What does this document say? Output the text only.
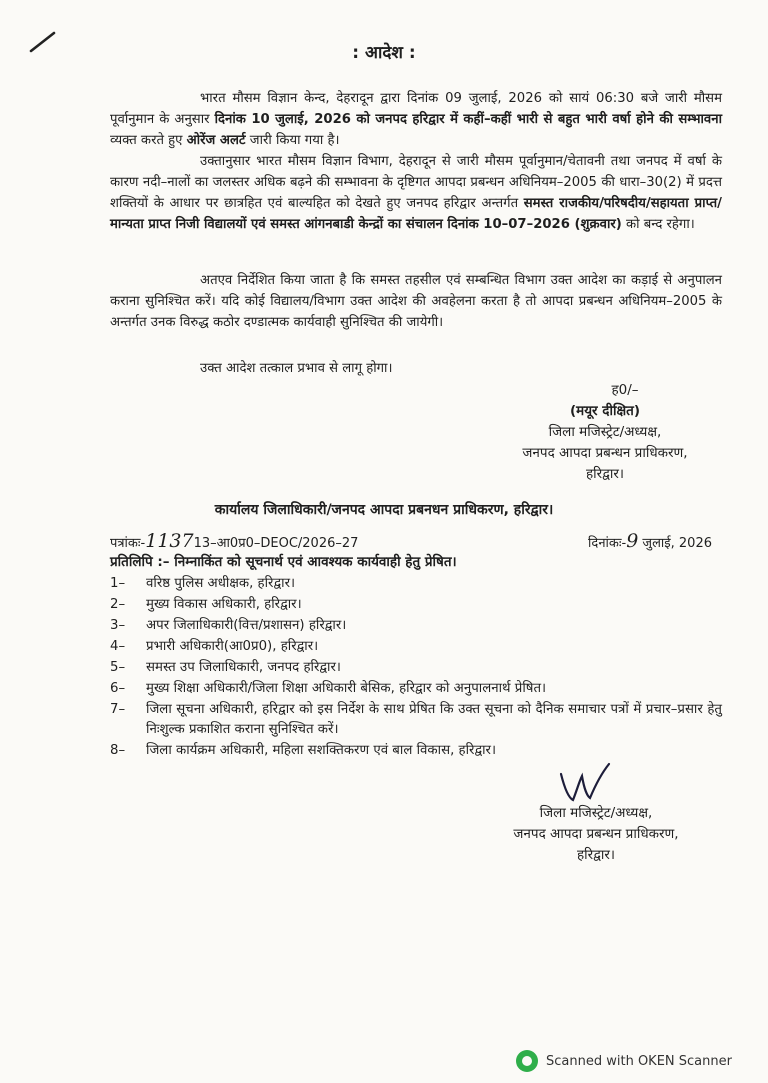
: आदेश :

भारत मौसम विज्ञान केन्द, देहरादून द्वारा दिनांक 09 जुलाई, 2026 को सायं 06:30 बजे जारी मौसम पूर्वानुमान के अनुसार दिनांक 10 जुलाई, 2026 को जनपद हरिद्वार में कहीं–कहीं भारी से बहुत भारी वर्षा होने की सम्भावना व्यक्त करते हुए ओरेंज अलर्ट जारी किया गया है।

उक्तानुसार भारत मौसम विज्ञान विभाग, देहरादून से जारी मौसम पूर्वानुमान/चेतावनी तथा जनपद में वर्षा के कारण नदी–नालों का जलस्तर अधिक बढ़ने की सम्भावना के दृष्टिगत आपदा प्रबन्धन अधिनियम–2005 की धारा–30(2) में प्रदत्त शक्तियों के आधार पर छात्रहित एवं बाल्यहित को देखते हुए जनपद हरिद्वार अन्तर्गत समस्त राजकीय/परिषदीय/सहायता प्राप्त/मान्यता प्राप्त निजी विद्यालयों एवं समस्त आंगनबाडी केन्द्रों का संचालन दिनांक 10–07–2026 (शुक्रवार) को बन्द रहेगा।

अतएव निर्देशित किया जाता है कि समस्त तहसील एवं सम्बन्धित विभाग उक्त आदेश का कड़ाई से अनुपालन कराना सुनिश्चित करें। यदि कोई विद्यालय/विभाग उक्त आदेश की अवहेलना करता है तो आपदा प्रबन्धन अधिनियम–2005 के अन्तर्गत उनक विरुद्ध कठोर दण्डात्मक कार्यवाही सुनिश्चित की जायेगी।

उक्त आदेश तत्काल प्रभाव से लागू होगा।

ह0/–
(मयूर दीक्षित)
जिला मजिस्ट्रेट/अध्यक्ष,
जनपद आपदा प्रबन्धन प्राधिकरण,
हरिद्वार।
कार्यालय जिलाधिकारी/जनपद आपदा प्रबनधन प्राधिकरण, हरिद्वार।
पत्रांकः-113713–आ0प्र0–DEOC/2026–27	दिनांकः-9 जुलाई, 2026
प्रतिलिपि :– निम्नाकिंत को सूचनार्थ एवं आवश्यक कार्यवाही हेतु प्रेषित।
1–	वरिष्ठ पुलिस अधीक्षक, हरिद्वार।
2–	मुख्य विकास अधिकारी, हरिद्वार।
3–	अपर जिलाधिकारी(वित्त/प्रशासन) हरिद्वार।
4–	प्रभारी अधिकारी(आ0प्र0), हरिद्वार।
5–	समस्त उप जिलाधिकारी, जनपद हरिद्वार।
6–	मुख्य शिक्षा अधिकारी/जिला शिक्षा अधिकारी बेसिक, हरिद्वार को अनुपालनार्थ प्रेषित।
7–	जिला सूचना अधिकारी, हरिद्वार को इस निर्देश के साथ प्रेषित कि उक्त सूचना को दैनिक समाचार पत्रों में प्रचार–प्रसार हेतु निःशुल्क प्रकाशित कराना सुनिश्चित करें।
8–	जिला कार्यक्रम अधिकारी, महिला सशक्तिकरण एवं बाल विकास, हरिद्वार।
जिला मजिस्ट्रेट/अध्यक्ष,
जनपद आपदा प्रबन्धन प्राधिकरण,
हरिद्वार।
Scanned with OKEN Scanner
